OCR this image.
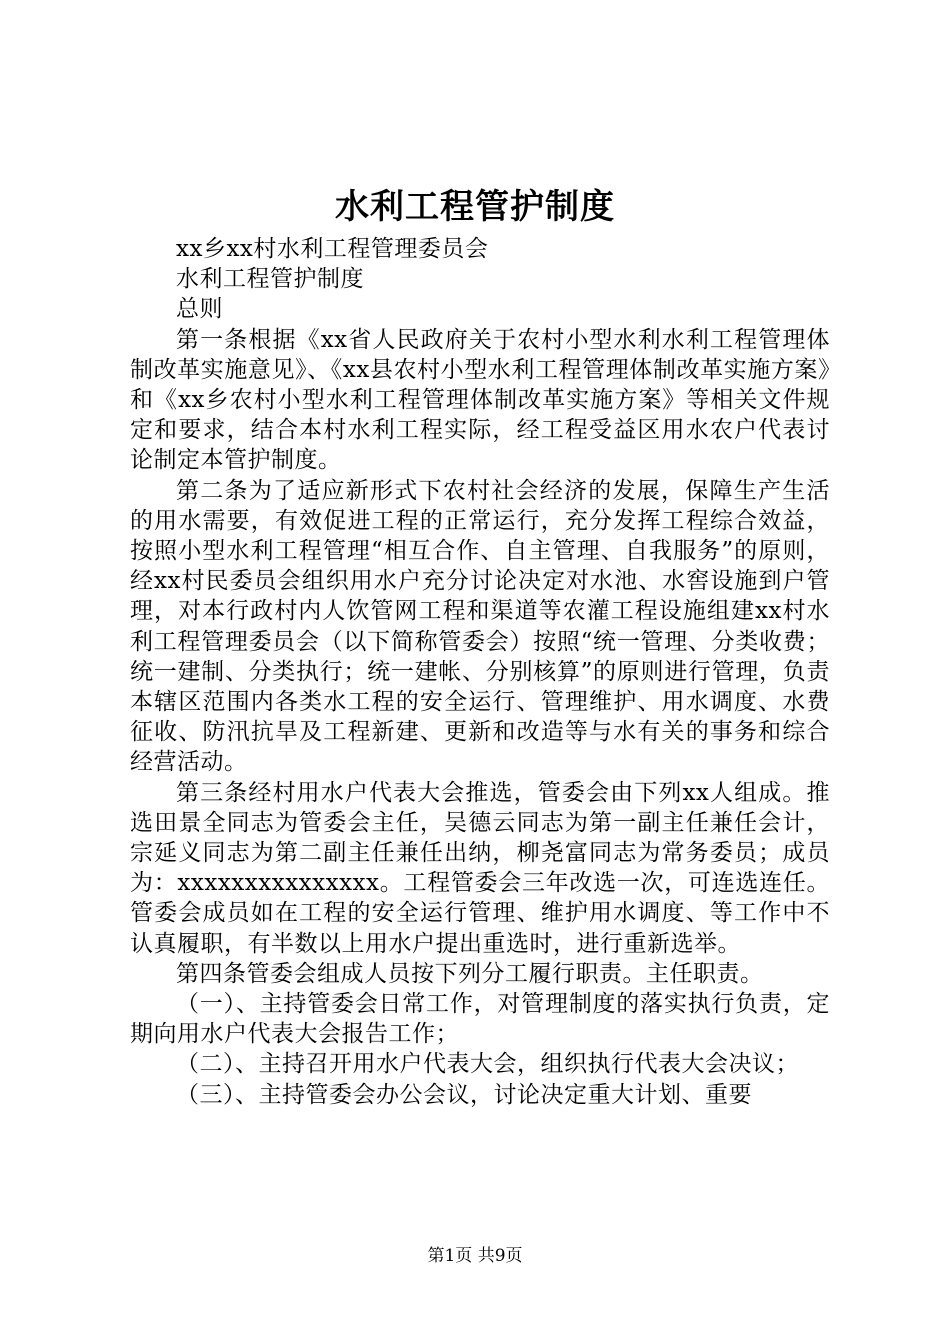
水利工程管护制度

xx乡xx村水利工程管理委员会

水利工程管护制度

总则

第一条根据《xx省人民政府关于农村小型水利水利工程管理体制改革实施意见》、《xx县农村小型水利工程管理体制改革实施方案》和《xx乡农村小型水利工程管理体制改革实施方案》等相关文件规定和要求，结合本村水利工程实际，经工程受益区用水农户代表讨论制定本管护制度。

第二条为了适应新形式下农村社会经济的发展，保障生产生活的用水需要，有效促进工程的正常运行，充分发挥工程综合效益，按照小型水利工程管理“相互合作、自主管理、自我服务”的原则，经xx村民委员会组织用水户充分讨论决定对水池、水窖设施到户管理，对本行政村内人饮管网工程和渠道等农灌工程设施组建xx村水利工程管理委员会（以下简称管委会）按照“统一管理、分类收费；统一建制、分类执行；统一建帐、分别核算”的原则进行管理，负责本辖区范围内各类水工程的安全运行、管理维护、用水调度、水费征收、防汛抗旱及工程新建、更新和改造等与水有关的事务和综合经营活动。

第三条经村用水户代表大会推选，管委会由下列xx人组成。推选田景全同志为管委会主任，吴德云同志为第一副主任兼任会计，宗延义同志为第二副主任兼任出纳，柳尧富同志为常务委员；成员为：xxxxxxxxxxxxxxx。工程管委会三年改选一次，可连选连任。管委会成员如在工程的安全运行管理、维护用水调度、等工作中不认真履职，有半数以上用水户提出重选时，进行重新选举。

第四条管委会组成人员按下列分工履行职责。主任职责。

（一）、主持管委会日常工作，对管理制度的落实执行负责，定期向用水户代表大会报告工作；

（二）、主持召开用水户代表大会，组织执行代表大会决议；

（三）、主持管委会办公会议，讨论决定重大计划、重要

第1页 共9页
